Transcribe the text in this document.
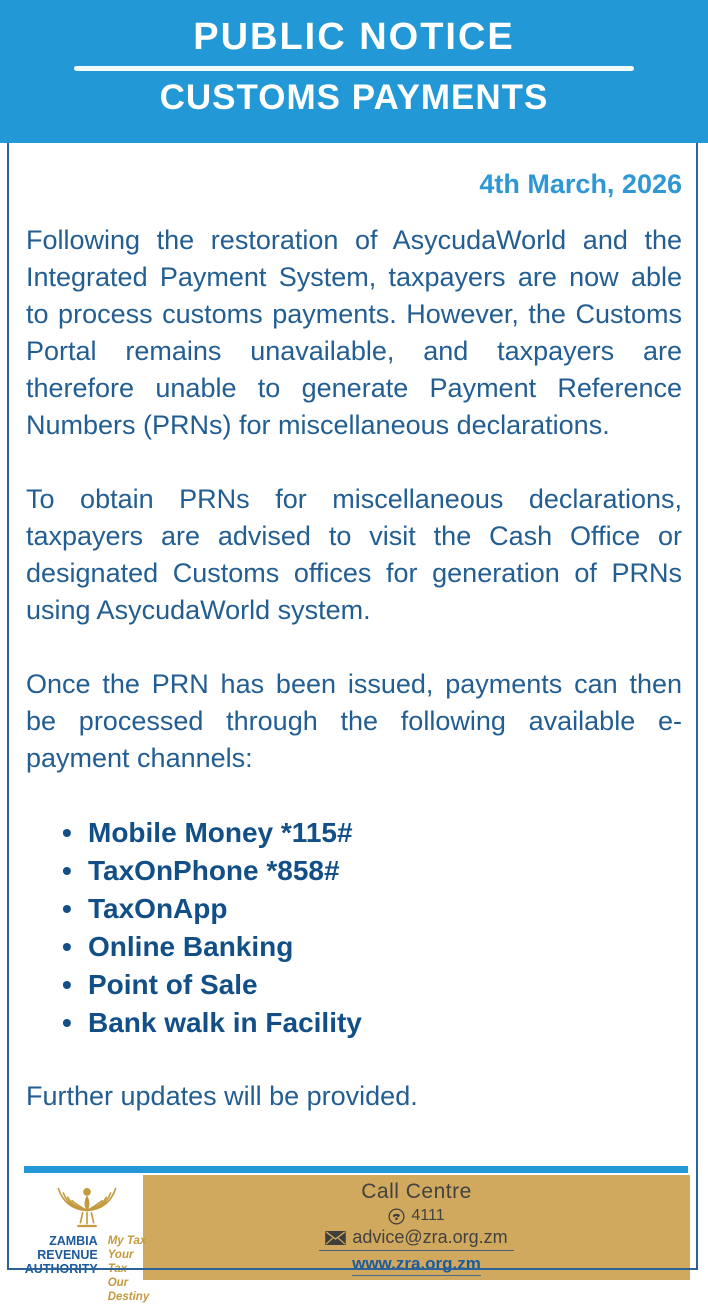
PUBLIC NOTICE
CUSTOMS PAYMENTS
4th March, 2026

Following the restoration of AsycudaWorld and the Integrated Payment System, taxpayers are now able to process customs payments. However, the Customs Portal remains unavailable, and taxpayers are therefore unable to generate Payment Reference Numbers (PRNs) for miscellaneous declarations.

To obtain PRNs for miscellaneous declarations, taxpayers are advised to visit the Cash Office or designated Customs offices for generation of PRNs using AsycudaWorld system.

Once the PRN has been issued, payments can then be processed through the following available e-payment channels:

• Mobile Money *115#
• TaxOnPhone *858#
• TaxOnApp
• Online Banking
• Point of Sale
• Bank walk in Facility

Further updates will be provided.

Call Centre
4111
advice@zra.org.zm
www.zra.org.zm
ZAMBIA
REVENUE
AUTHORITY
My Tax
Your Tax
Our Destiny
